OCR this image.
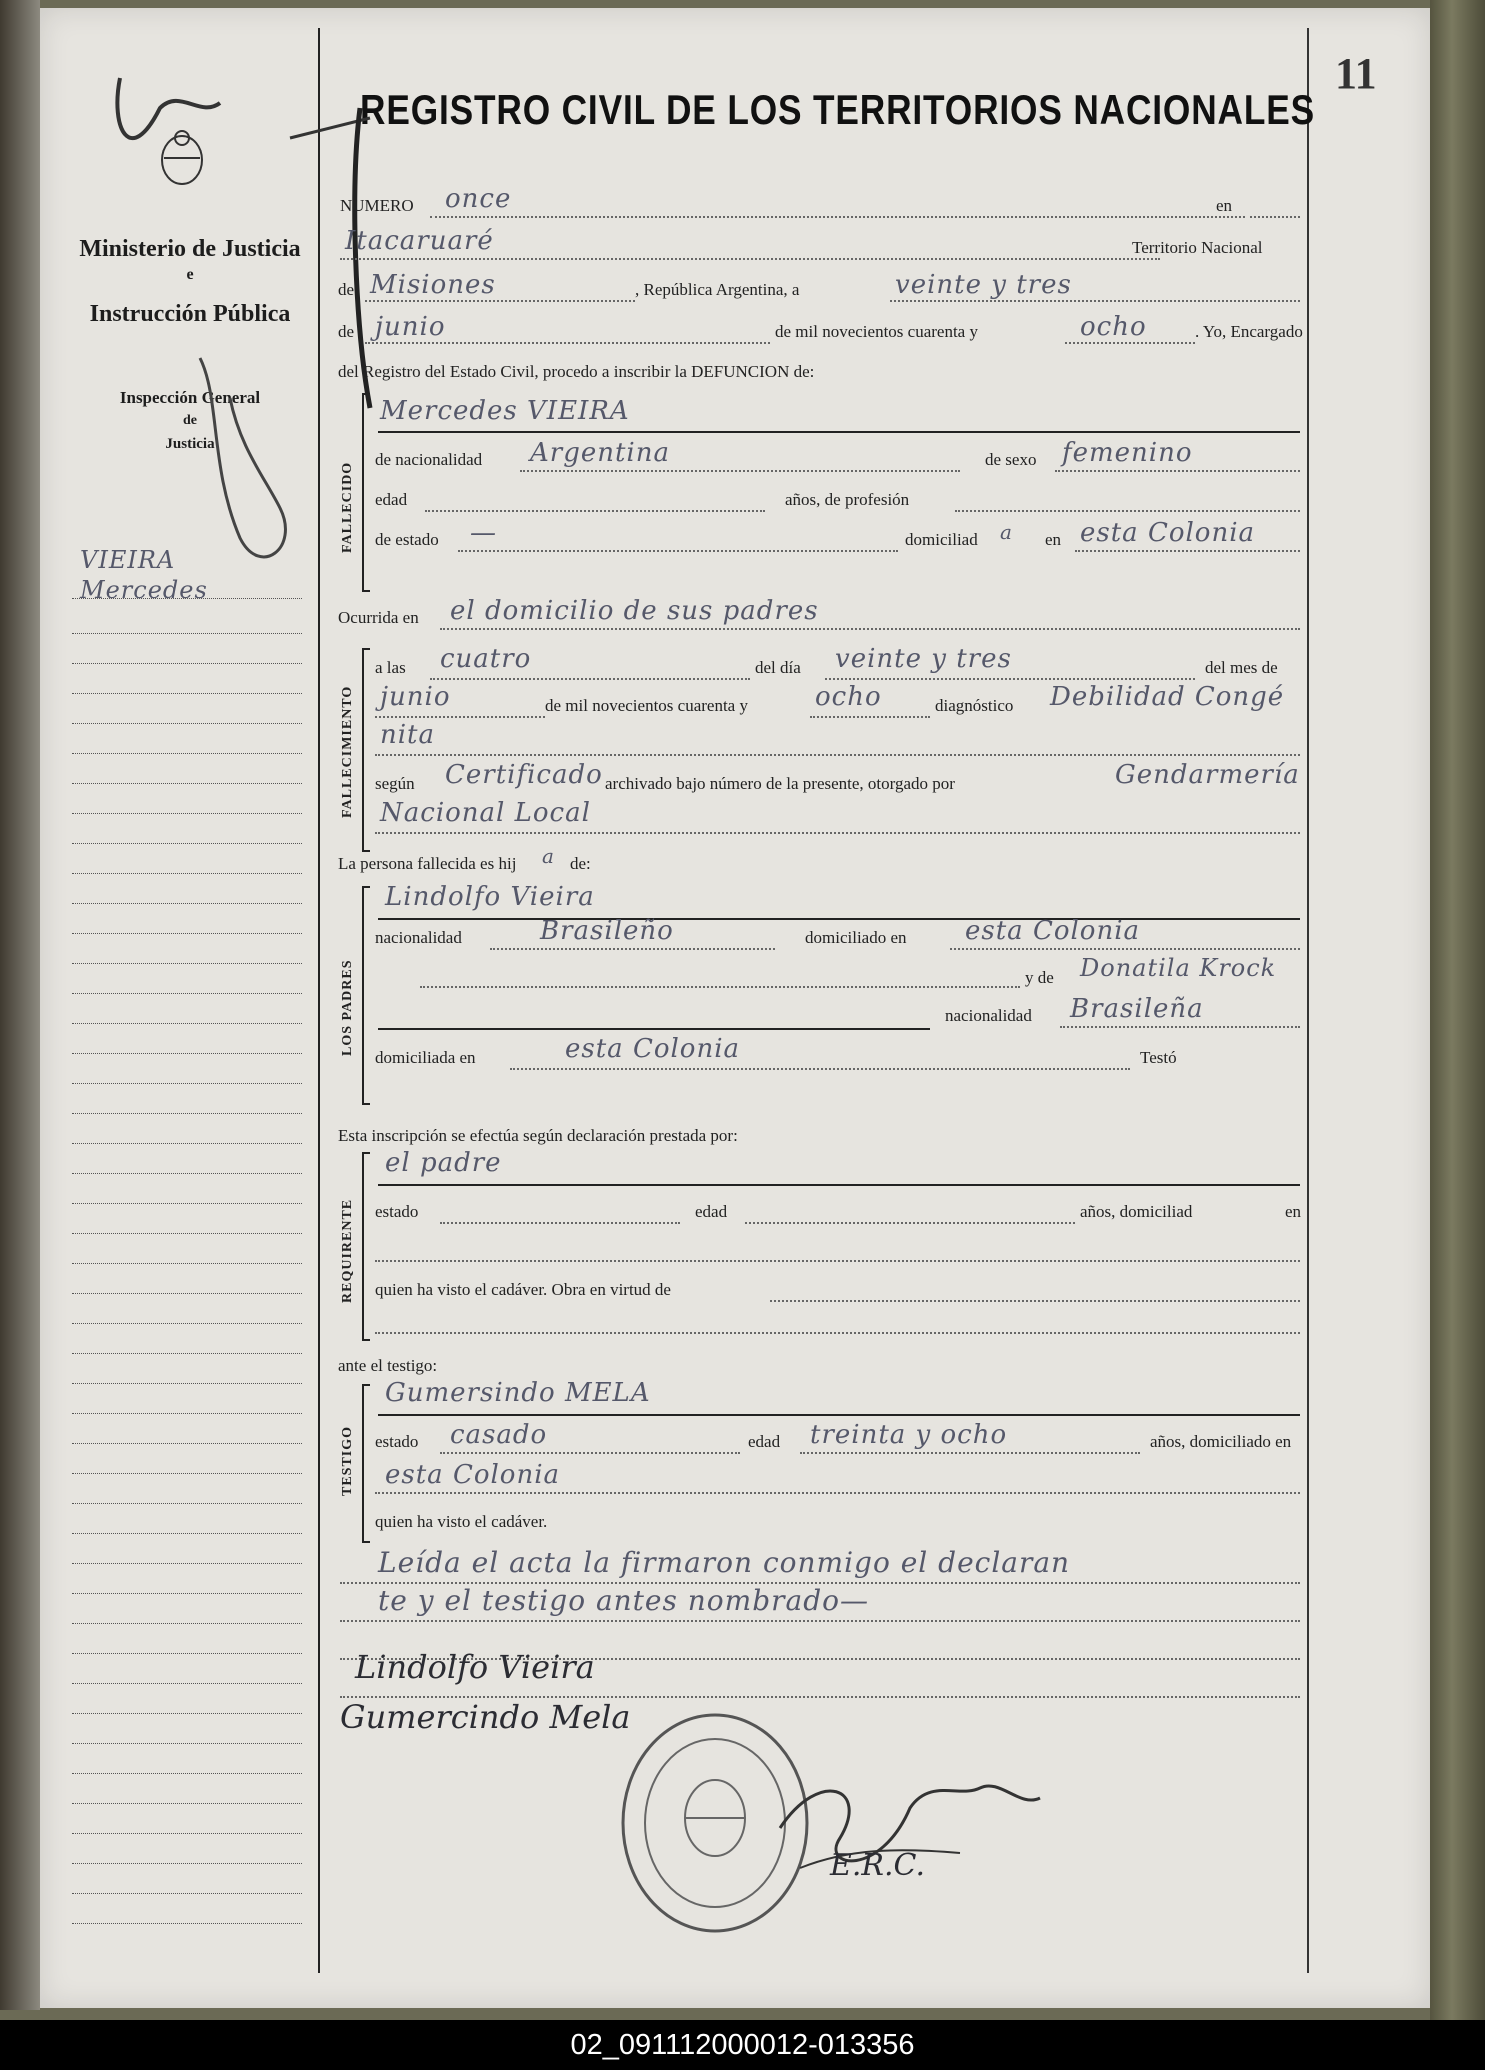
11
REGISTRO CIVIL DE LOS TERRITORIOS NACIONALES
Ministerio de Justicia
e
Instrucción Pública
Inspección General
de
Justicia
VIEIRA
Mercedes
NUMERO once	en
Itacaruaré	Territorio Nacional
de Misiones	, República Argentina, a	veinte y tres
de junio	de mil novecientos cuarenta y	ocho	. Yo, Encargado
del Registro del Estado Civil, procedo a inscribir la DEFUNCION de:
FALLECIDO
Mercedes VIEIRA
de nacionalidad Argentina	de sexo femenino
edad	años, de profesión
de estado —	domiciliad a en esta Colonia
Ocurrida en el domicilio de sus padres
FALLECIMIENTO
a las cuatro	del día veinte y tres	del mes de
junio	de mil novecientos cuarenta y	ocho	diagnóstico Debilidad Congé
nita
según Certificado archivado bajo número de la presente, otorgado por	Gendarmería
Nacional Local
La persona fallecida es hij a de:
LOS PADRES
Lindolfo Vieira
nacionalidad	Brasileño	domiciliado en esta Colonia
y de Donatila Krock
nacionalidad Brasileña
domiciliada en	esta Colonia	Testó
Esta inscripción se efectúa según declaración prestada por:
REQUIRENTE
el padre
estado	edad	años, domiciliad	en
quien ha visto el cadáver. Obra en virtud de
ante el testigo:
TESTIGO
Gumersindo MELA
estado casado	edad treinta y ocho	años, domiciliado en
esta Colonia
quien ha visto el cadáver.
Leída el acta la firmaron conmigo el declaran
te y el testigo antes nombrado—
Lindolfo Vieira
Gumercindo Mela
E.R.C.
02_091112000012-013356
